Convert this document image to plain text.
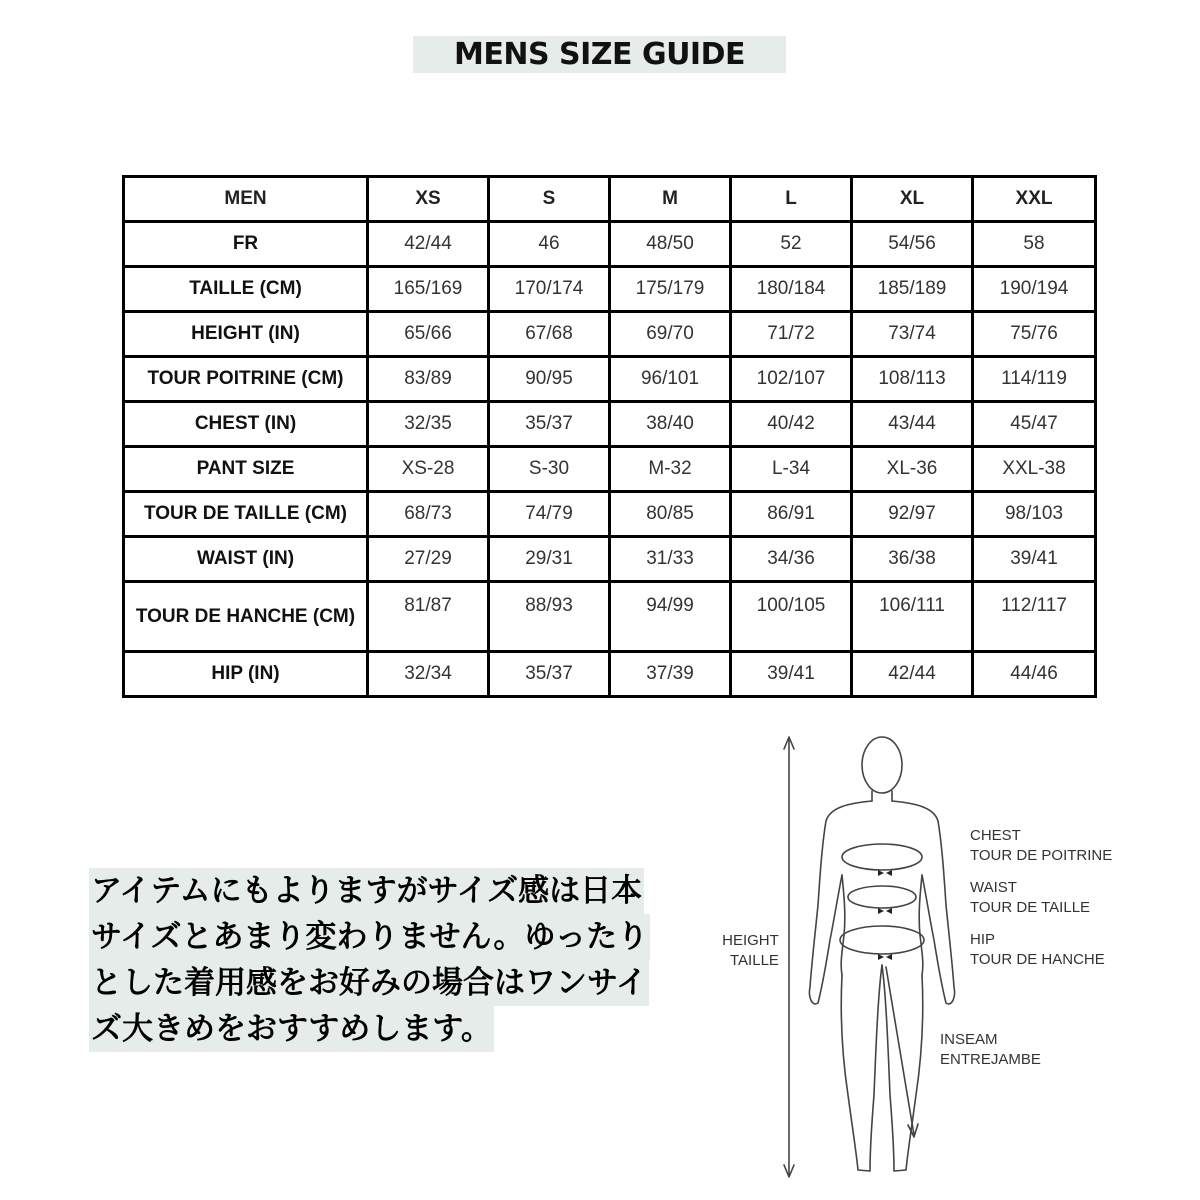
MENS SIZE GUIDE
MEN	XS	S	M	L	XL	XXL
FR	42/44	46	48/50	52	54/56	58
TAILLE (CM)	165/169	170/174	175/179	180/184	185/189	190/194
HEIGHT (IN)	65/66	67/68	69/70	71/72	73/74	75/76
TOUR POITRINE (CM)	83/89	90/95	96/101	102/107	108/113	114/119
CHEST (IN)	32/35	35/37	38/40	40/42	43/44	45/47
PANT SIZE	XS-28	S-30	M-32	L-34	XL-36	XXL-38
TOUR DE TAILLE (CM)	68/73	74/79	80/85	86/91	92/97	98/103
WAIST (IN)	27/29	29/31	31/33	34/36	36/38	39/41
TOUR DE HANCHE (CM)	81/87	88/93	94/99	100/105	106/111	112/117
HIP (IN)	32/34	35/37	37/39	39/41	42/44	44/46
アイテムにもよりますがサイズ感は日本
サイズとあまり変わりません。ゆったり
とした着用感をお好みの場合はワンサイ
ズ大きめをおすすめします。
HEIGHT
TAILLE
CHEST
TOUR DE POITRINE
WAIST
TOUR DE TAILLE
HIP
TOUR DE HANCHE
INSEAM
ENTREJAMBE
